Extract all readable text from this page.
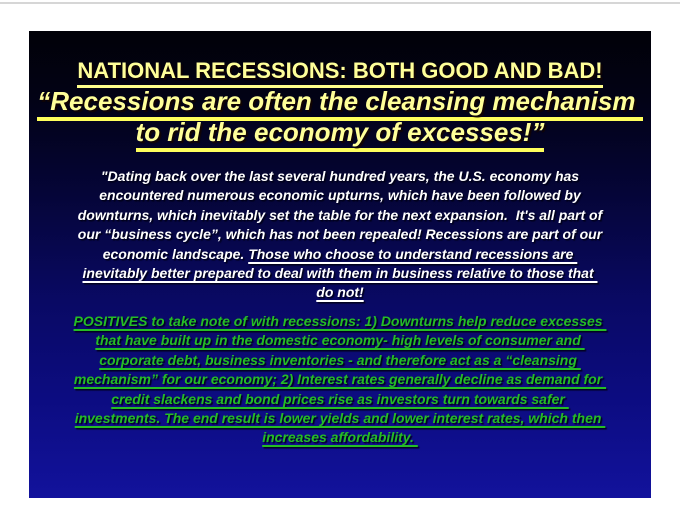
NATIONAL RECESSIONS: BOTH GOOD AND BAD!
“Recessions are often the cleansing mechanism
to rid the economy of excesses!”
"Dating back over the last several hundred years, the U.S. economy has
encountered numerous economic upturns, which have been followed by
downturns, which inevitably set the table for the next expansion.  It's all part of
our “business cycle”, which has not been repealed! Recessions are part of our
economic landscape. Those who choose to understand recessions are
inevitably better prepared to deal with them in business relative to those that
do not!
POSITIVES to take note of with recessions: 1) Downturns help reduce excesses
that have built up in the domestic economy- high levels of consumer and
corporate debt, business inventories - and therefore act as a “cleansing
mechanism” for our economy; 2) Interest rates generally decline as demand for
credit slackens and bond prices rise as investors turn towards safer
investments. The end result is lower yields and lower interest rates, which then
increases affordability.
